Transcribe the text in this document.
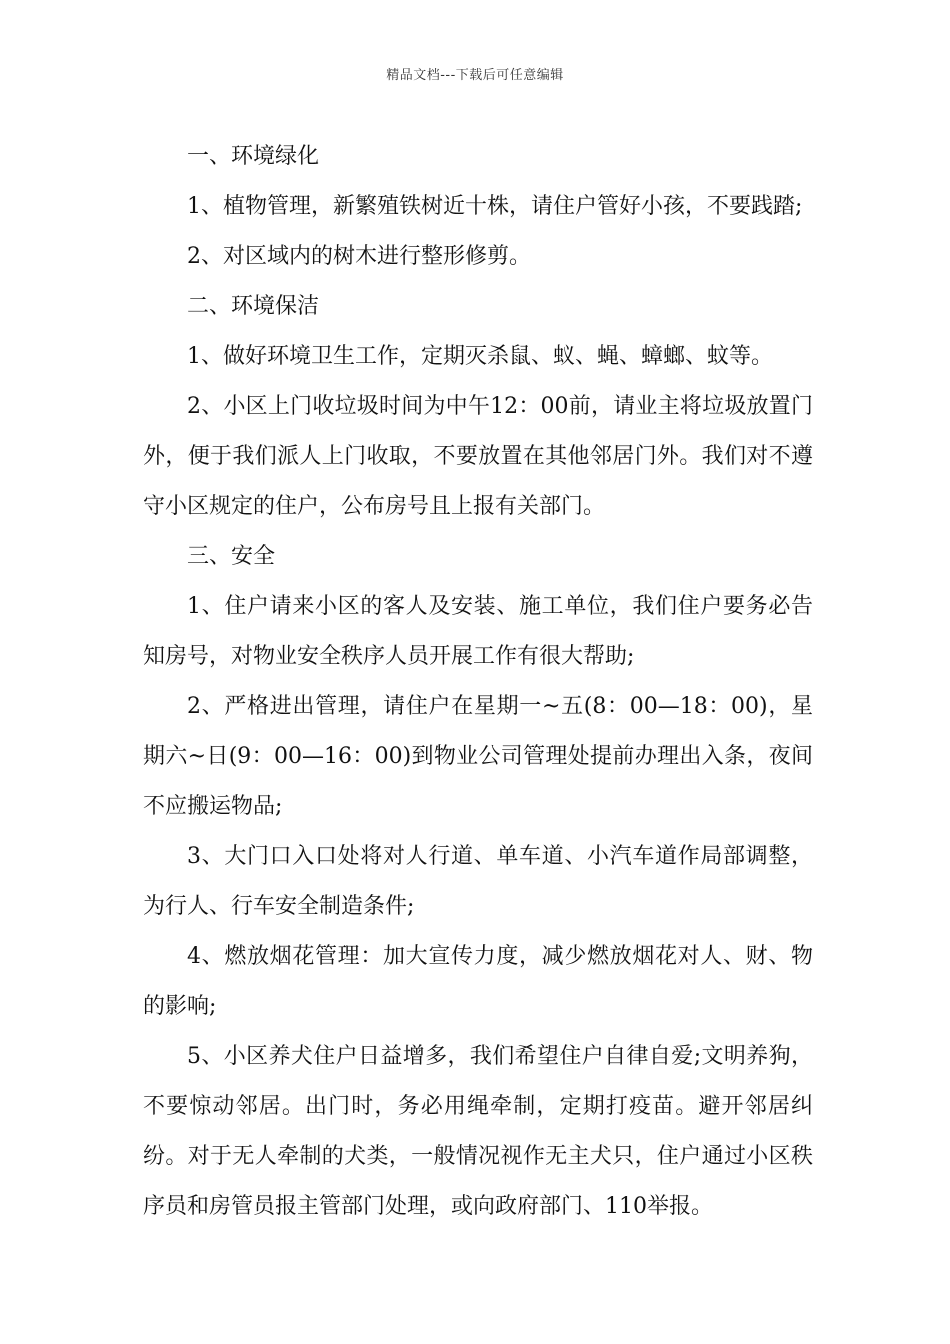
精品文档---下载后可任意编辑

一、环境绿化

1、植物管理，新繁殖铁树近十株，请住户管好小孩，不要践踏;

2、对区域内的树木进行整形修剪。

二、环境保洁

1、做好环境卫生工作，定期灭杀鼠、蚁、蝇、蟑螂、蚊等。

2、小区上门收垃圾时间为中午12：00前，请业主将垃圾放置门外，便于我们派人上门收取，不要放置在其他邻居门外。我们对不遵守小区规定的住户，公布房号且上报有关部门。

三、安全

1、住户请来小区的客人及安装、施工单位，我们住户要务必告知房号，对物业安全秩序人员开展工作有很大帮助;

2、严格进出管理，请住户在星期一~五(8：00—18：00)，星期六~日(9：00—16：00)到物业公司管理处提前办理出入条，夜间不应搬运物品;

3、大门口入口处将对人行道、单车道、小汽车道作局部调整，为行人、行车安全制造条件;

4、燃放烟花管理：加大宣传力度，减少燃放烟花对人、财、物的影响;

5、小区养犬住户日益增多，我们希望住户自律自爱;文明养狗，不要惊动邻居。出门时，务必用绳牵制，定期打疫苗。避开邻居纠纷。对于无人牵制的犬类，一般情况视作无主犬只，住户通过小区秩序员和房管员报主管部门处理，或向政府部门、110举报。
